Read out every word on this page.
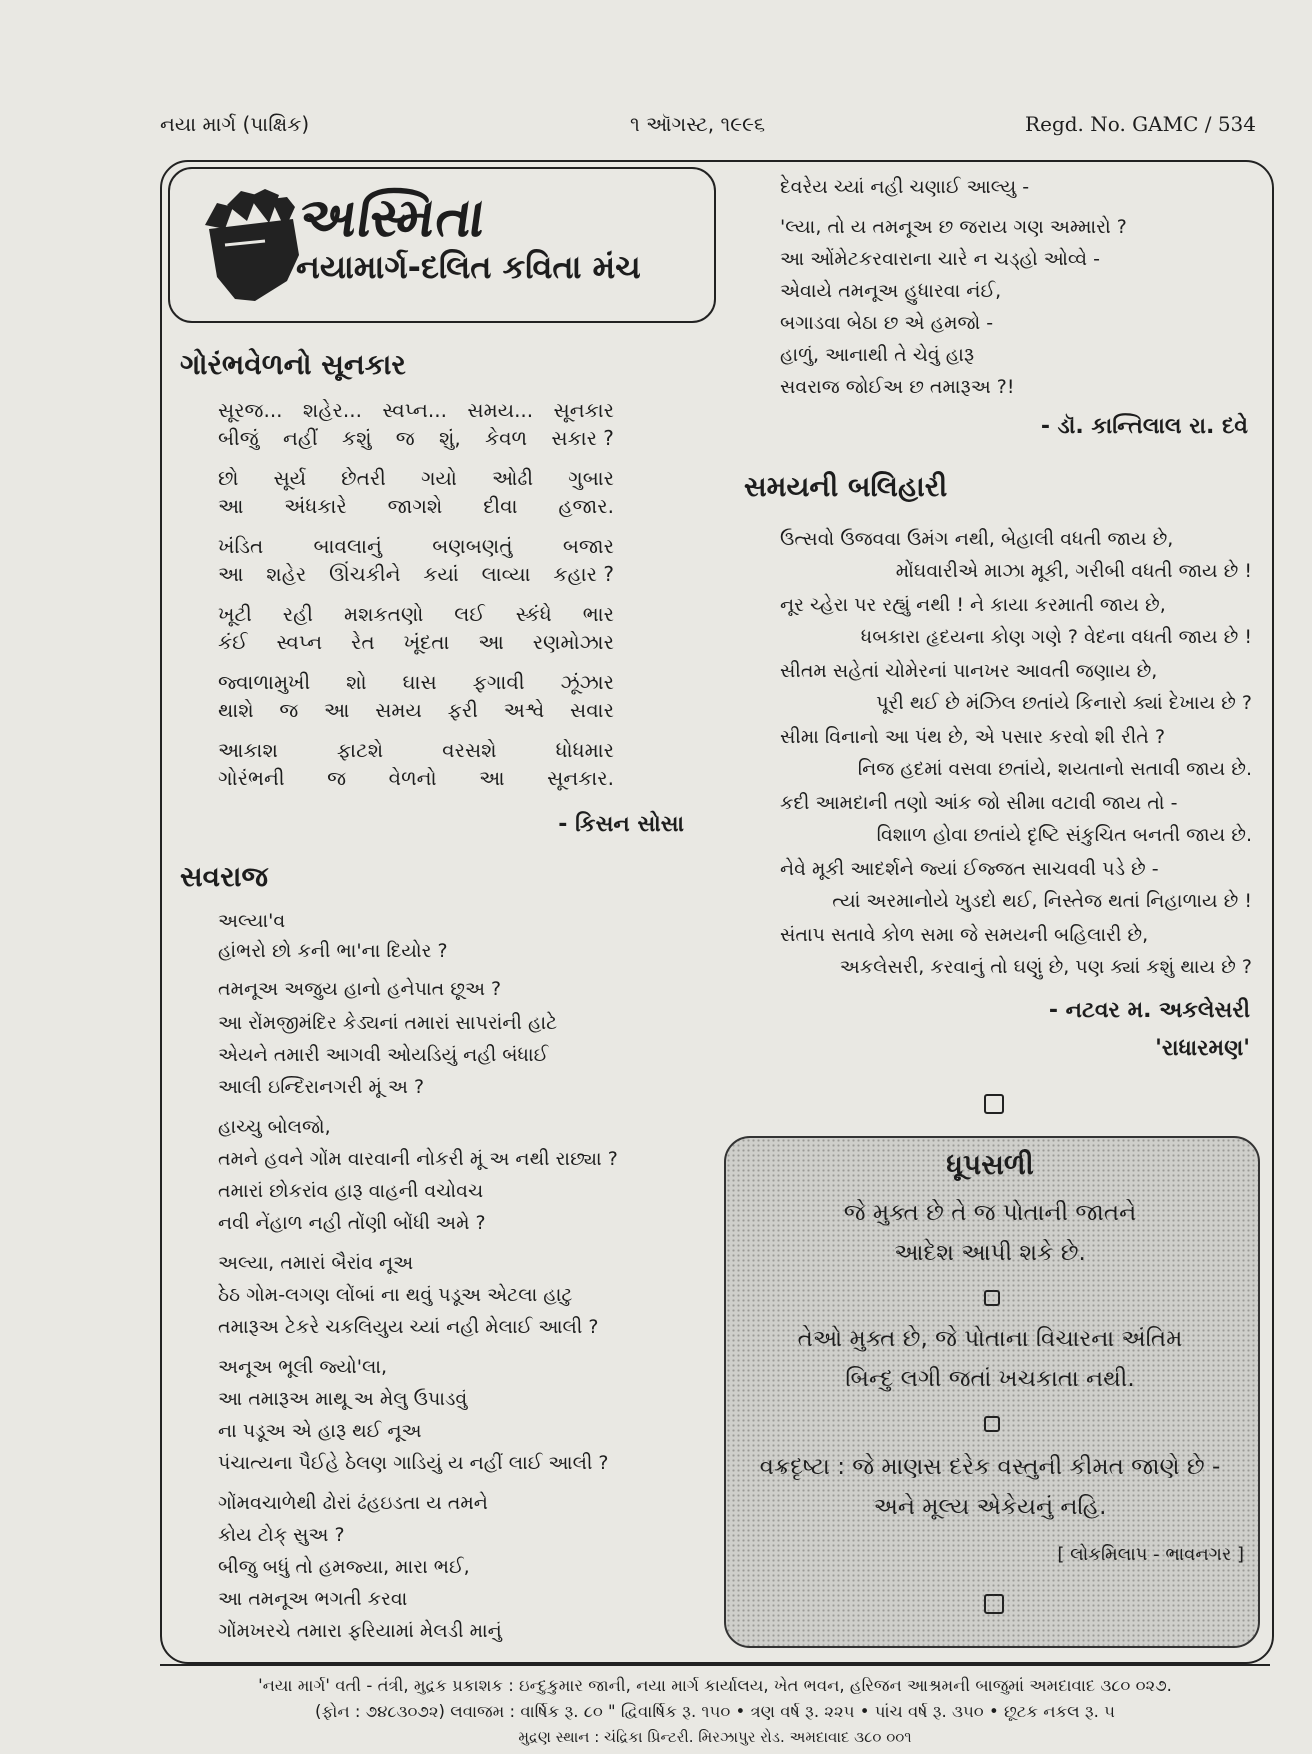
નયા માર્ગ (પાક્ષિક)	૧ ઑગસ્ટ, ૧૯૯૬	Regd. No. GAMC / 534
અસ્મિતા
નયામાર્ગ-દલિત કવિતા મંચ
ગોરંભવેળનો સૂનકાર
સૂરજ... શહેર... સ્વપ્ન... સમય... સૂનકાર
બીજું નહીં કશું જ શું, કેવળ સકાર ?
છો સૂર્ય છેતરી ગયો ઓઢી ગુબાર
આ અંધકારે જાગશે દીવા હજાર.
ખંડિત	બાવલાનું	બણબણતું	બજાર
આ શહેર ઊંચકીને કયાં લાવ્યા કહાર ?
ખૂટી રહી મશકતણો લઈ સ્કંધે ભાર
કંઈ સ્વપ્ન રેત ખૂંદતા આ રણમોઝાર
જ્વાળામુખી શો ઘાસ ફગાવી ઝૂંઝાર
થાશે જ આ સમય ફરી અશ્વે સવાર
આકાશ	ફાટશે	વરસશે	ધોધમાર
ગોરંભની જ વેળનો આ સૂનકાર.
- કિસન સોસા
સવરાજ
અલ્યા'વ
હાંભરો છો કની ભા'ના દિયોર ?
તમનૂઅ અજુય હાનો હનેપાત છૂઅ ?
આ રોંમજીમંદિર કેડ્યનાં તમારાં સાપરાંની હાટે
એયને તમારી આગવી ઓયડિયું નહી બંધાઈ
આલી ઇન્દિરાનગરી મૂં અ ?
હાચ્ચુ બોલજો,
તમને હવને ગોંમ વારવાની નોકરી મૂં અ નથી રાછ્યા ?
તમારાં છોકરાંવ હારૂ વાહની વચોવચ
નવી નેંહાળ નહી તોંણી બોંધી અમે ?
અલ્યા, તમારાં બૈરાંવ નૂઅ
ઠેઠ ગોમ-લગણ લોંબાં ના થવું પડૂઅ એટલા હાટુ
તમારૂઅ ટેકરે ચકલિયુય ચ્યાં નહી મેલાઈ આલી ?
અનૂઅ ભૂલી જ્યો'લા,
આ તમારૂઅ માથૂ અ મેલુ ઉપાડવું
ના પડૂઅ એ હારૂ થઈ નૂઅ
પંચાત્યના પૈઈહે ઠેલણ ગાડિયું ય નહીં લાઈ આલી ?
ગોંમવચાળેથી ઢોરાં ઢંહઇડતા ય તમને
કોય ટોક્ સુઅ ?
બીજુ બધું તો હમજ્યા, મારા ભઈ,
આ તમનૂઅ ભગતી કરવા
ગોંમખરચે તમારા ફરિયામાં મેલડી માનું
દેવરેય ચ્યાં નહી ચણાઈ આલ્યુ -
'લ્યા, તો ય તમનૂઅ છ જરાય ગણ અમ્મારો ?
આ ઓંમેટકરવારાના ચારે ન ચડ્હો ઓવ્વે -
એવાયે તમનૂઅ હુધારવા નંઈ,
બગાડવા બેઠા છ એ હમજો -
હાળું, આનાથી તે ચેવું હારૂ
સવરાજ જોઈઅ છ તમારૂઅ ?!
- ડૉ. કાન્તિલાલ રા. દવે
સમયની બલિહારી
ઉત્સવો ઉજવવા ઉમંગ નથી, બેહાલી વધતી જાય છે,
મોંઘવારીએ માઝા મૂકી, ગરીબી વધતી જાય છે !
નૂર ચ્હેરા પર રહ્યું નથી ! ને કાયા કરમાતી જાય છે,
ધબકારા હૃદયના કોણ ગણે ? વેદના વધતી જાય છે !
સીતમ સહેતાં ચોમેરનાં પાનખર આવતી જણાય છે,
પૂરી થઈ છે મંઝિલ છતાંયે કિનારો ક્યાં દેખાય છે ?
સીમા વિનાનો આ પંથ છે, એ પસાર કરવો શી રીતે ?
નિજ હદમાં વસવા છતાંયે, શયતાનો સતાવી જાય છે.
કદી આમદાની તણો આંક જો સીમા વટાવી જાય તો -
વિશાળ હોવા છતાંયે દૃષ્ટિ સંકુચિત બનતી જાય છે.
નેવે મૂકી આદર્શને જ્યાં ઈજ્જત સાચવવી પડે છે -
ત્યાં અરમાનોયે ખુડદો થઈ, નિસ્તેજ થતાં નિહાળાય છે !
સંતાપ સતાવે કોળ સમા જે સમયની બહિલારી છે,
અકલેસરી, કરવાનું તો ઘણું છે, પણ ક્યાં કશું થાય છે ?
- નટવર મ. અકલેસરી
'રાધારમણ'
ધૂપસળી
જે મુક્ત છે તે જ પોતાની જાતને
આદેશ આપી શકે છે.
તેઓ મુક્ત છે, જે પોતાના વિચારના અંતિમ
બિન્દુ લગી જતાં ખચકાતા નથી.
વક્રદૃષ્ટા : જે માણસ દરેક વસ્તુની કીમત જાણે છે -
અને મૂલ્ય એકેયનું નહિ.
[ લોકમિલાપ - ભાવનગર ]
'નયા માર્ગ' વતી - તંત્રી, મુદ્રક પ્રકાશક : ઇન્દુકુમાર જાની, નયા માર્ગ કાર્યાલય, ખેત ભવન, હરિજન આશ્રમની બાજુમાં અમદાવાદ ૩૮૦ ૦૨૭.
(ફોન : ૭૪૮૩૦૭૨) લવાજમ : વાર્ષિક રૂ. ૮૦ " દ્વિવાર્ષિક રૂ. ૧૫૦ • ત્રણ વર્ષ રૂ. ૨૨૫ • પાંચ વર્ષ રૂ. ૩૫૦ • છૂટક નકલ રૂ. ૫
મુદ્રણ સ્થાન : ચંદ્રિકા પ્રિન્ટરી. મિરઝાપુર રોડ. અમદાવાદ ૩૮૦ ૦૦૧
